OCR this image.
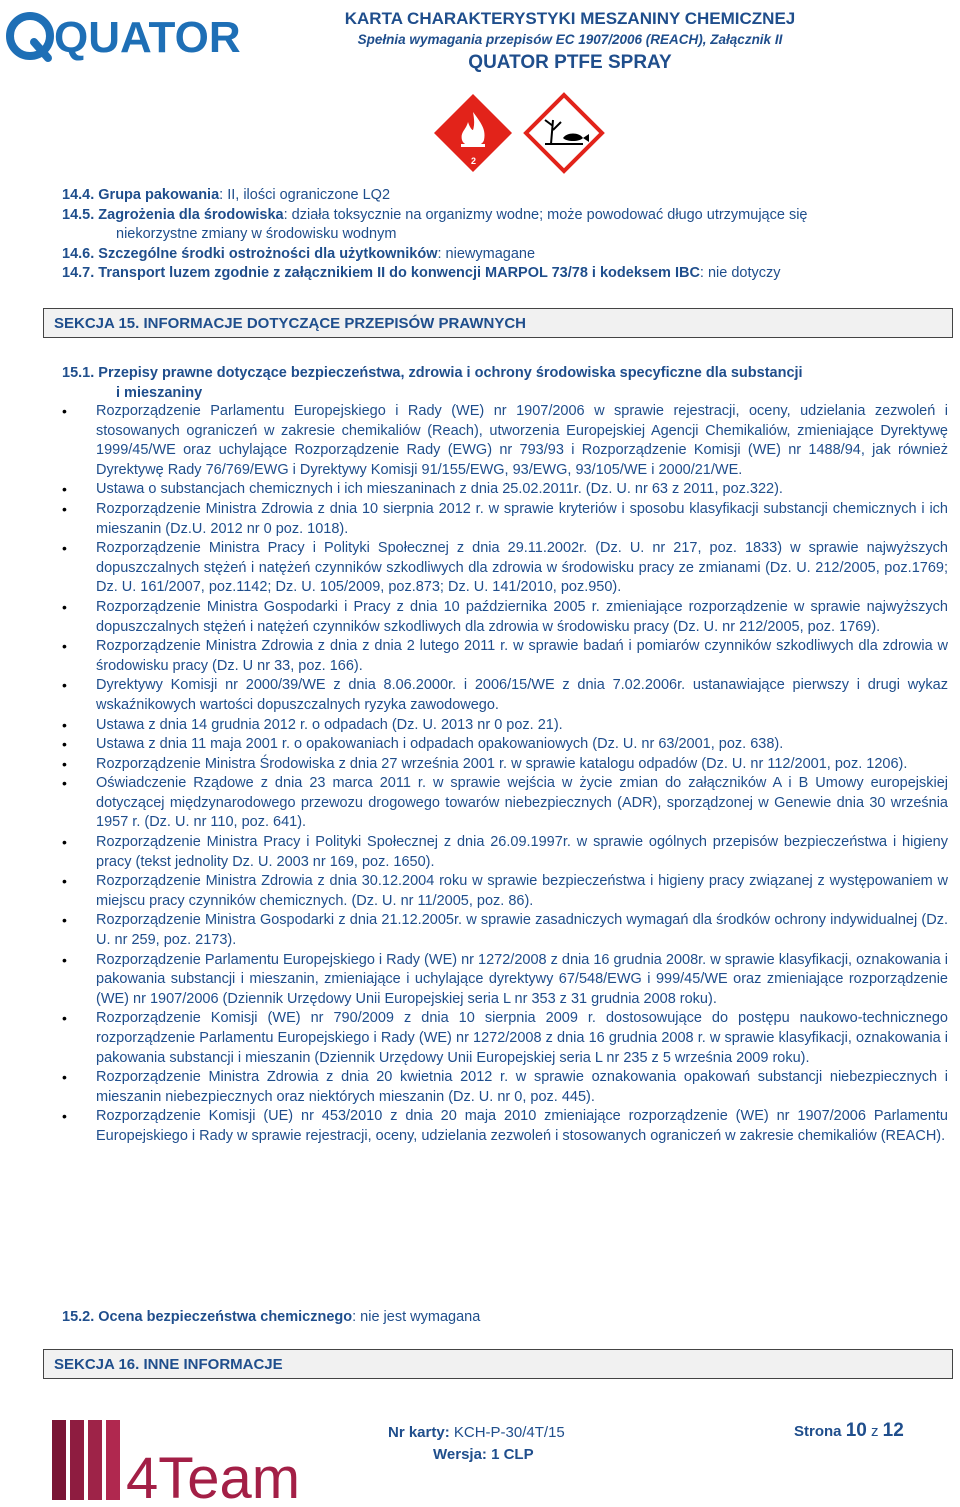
QUATOR	KARTA CHARAKTERYSTYKI MESZANINY CHEMICZNEJ
Spełnia wymagania przepisów EC 1907/2006 (REACH), Załącznik II
QUATOR PTFE SPRAY
2
14.4. Grupa pakowania: II, ilości ograniczone LQ2
14.5. Zagrożenia dla środowiska: działa toksycznie na organizmy wodne; może powodować długo utrzymujące się
niekorzystne zmiany w środowisku wodnym
14.6. Szczególne środki ostrożności dla użytkowników: niewymagane
14.7. Transport luzem zgodnie z załącznikiem II do konwencji MARPOL 73/78 i kodeksem IBC: nie dotyczy
SEKCJA 15. INFORMACJE DOTYCZĄCE PRZEPISÓW PRAWNYCH
15.1. Przepisy prawne dotyczące bezpieczeństwa, zdrowia i ochrony środowiska specyficzne dla substancji
i mieszaniny
• Rozporządzenie Parlamentu Europejskiego i Rady (WE) nr 1907/2006 w sprawie rejestracji, oceny, udzielania zezwoleń i stosowanych ograniczeń w zakresie chemikaliów (Reach), utworzenia Europejskiej Agencji Chemikaliów, zmieniające Dyrektywę 1999/45/WE oraz uchylające Rozporządzenie Rady (EWG) nr 793/93 i Rozporządzenie Komisji (WE) nr 1488/94, jak również Dyrektywę Rady 76/769/EWG i Dyrektywy Komisji 91/155/EWG, 93/EWG, 93/105/WE i 2000/21/WE.
• Ustawa o substancjach chemicznych i ich mieszaninach z dnia 25.02.2011r. (Dz. U. nr 63 z 2011, poz.322).
• Rozporządzenie Ministra Zdrowia z dnia 10 sierpnia 2012 r. w sprawie kryteriów i sposobu klasyfikacji substancji chemicznych i ich mieszanin (Dz.U. 2012 nr 0 poz. 1018).
• Rozporządzenie Ministra Pracy i Polityki Społecznej z dnia 29.11.2002r. (Dz. U. nr 217, poz. 1833) w sprawie najwyższych dopuszczalnych stężeń i natężeń czynników szkodliwych dla zdrowia w środowisku pracy ze zmianami (Dz. U. 212/2005, poz.1769; Dz. U. 161/2007, poz.1142; Dz. U. 105/2009, poz.873; Dz. U. 141/2010, poz.950).
• Rozporządzenie Ministra Gospodarki i Pracy z dnia 10 października 2005 r. zmieniające rozporządzenie w sprawie najwyższych dopuszczalnych stężeń i natężeń czynników szkodliwych dla zdrowia w środowisku pracy (Dz. U. nr 212/2005, poz. 1769).
• Rozporządzenie Ministra Zdrowia z dnia z dnia 2 lutego 2011 r. w sprawie badań i pomiarów czynników szkodliwych dla zdrowia w środowisku pracy (Dz. U nr 33, poz. 166).
• Dyrektywy Komisji nr 2000/39/WE z dnia 8.06.2000r. i 2006/15/WE z dnia 7.02.2006r. ustanawiające pierwszy i drugi wykaz wskaźnikowych wartości dopuszczalnych ryzyka zawodowego.
• Ustawa z dnia 14 grudnia 2012 r. o odpadach (Dz. U. 2013 nr 0 poz. 21).
• Ustawa z dnia 11 maja 2001 r. o opakowaniach i odpadach opakowaniowych (Dz. U. nr 63/2001, poz. 638).
• Rozporządzenie Ministra Środowiska z dnia 27 września 2001 r. w sprawie katalogu odpadów (Dz. U. nr 112/2001, poz. 1206).
• Oświadczenie Rządowe z dnia 23 marca 2011 r. w sprawie wejścia w życie zmian do załączników A i B Umowy europejskiej dotyczącej międzynarodowego przewozu drogowego towarów niebezpiecznych (ADR), sporządzonej w Genewie dnia 30 września 1957 r. (Dz. U. nr 110, poz. 641).
• Rozporządzenie Ministra Pracy i Polityki Społecznej z dnia 26.09.1997r. w sprawie ogólnych przepisów bezpieczeństwa i higieny pracy (tekst jednolity Dz. U. 2003 nr 169, poz. 1650).
• Rozporządzenie Ministra Zdrowia z dnia 30.12.2004 roku w sprawie bezpieczeństwa i higieny pracy związanej z występowaniem w miejscu pracy czynników chemicznych. (Dz. U. nr 11/2005, poz. 86).
• Rozporządzenie Ministra Gospodarki z dnia 21.12.2005r. w sprawie zasadniczych wymagań dla środków ochrony indywidualnej (Dz. U. nr 259, poz. 2173).
• Rozporządzenie Parlamentu Europejskiego i Rady (WE) nr 1272/2008 z dnia 16 grudnia 2008r. w sprawie klasyfikacji, oznakowania i pakowania substancji i mieszanin, zmieniające i uchylające dyrektywy 67/548/EWG i 999/45/WE oraz zmieniające rozporządzenie (WE) nr 1907/2006 (Dziennik Urzędowy Unii Europejskiej seria L nr 353 z 31 grudnia 2008 roku).
• Rozporządzenie Komisji (WE) nr 790/2009 z dnia 10 sierpnia 2009 r. dostosowujące do postępu naukowo-technicznego rozporządzenie Parlamentu Europejskiego i Rady (WE) nr 1272/2008 z dnia 16 grudnia 2008 r. w sprawie klasyfikacji, oznakowania i pakowania substancji i mieszanin (Dziennik Urzędowy Unii Europejskiej seria L nr 235 z 5 września 2009 roku).
• Rozporządzenie Ministra Zdrowia z dnia 20 kwietnia 2012 r. w sprawie oznakowania opakowań substancji niebezpiecznych i mieszanin niebezpiecznych oraz niektórych mieszanin (Dz. U. nr 0, poz. 445).
• Rozporządzenie Komisji (UE) nr 453/2010 z dnia 20 maja 2010 zmieniające rozporządzenie (WE) nr 1907/2006 Parlamentu Europejskiego i Rady w sprawie rejestracji, oceny, udzielania zezwoleń i stosowanych ograniczeń w zakresie chemikaliów (REACH).
15.2. Ocena bezpieczeństwa chemicznego: nie jest wymagana
SEKCJA 16. INNE INFORMACJE
4Team
Nr karty: KCH-P-30/4T/15
Wersja: 1 CLP
Strona 10 z 12
